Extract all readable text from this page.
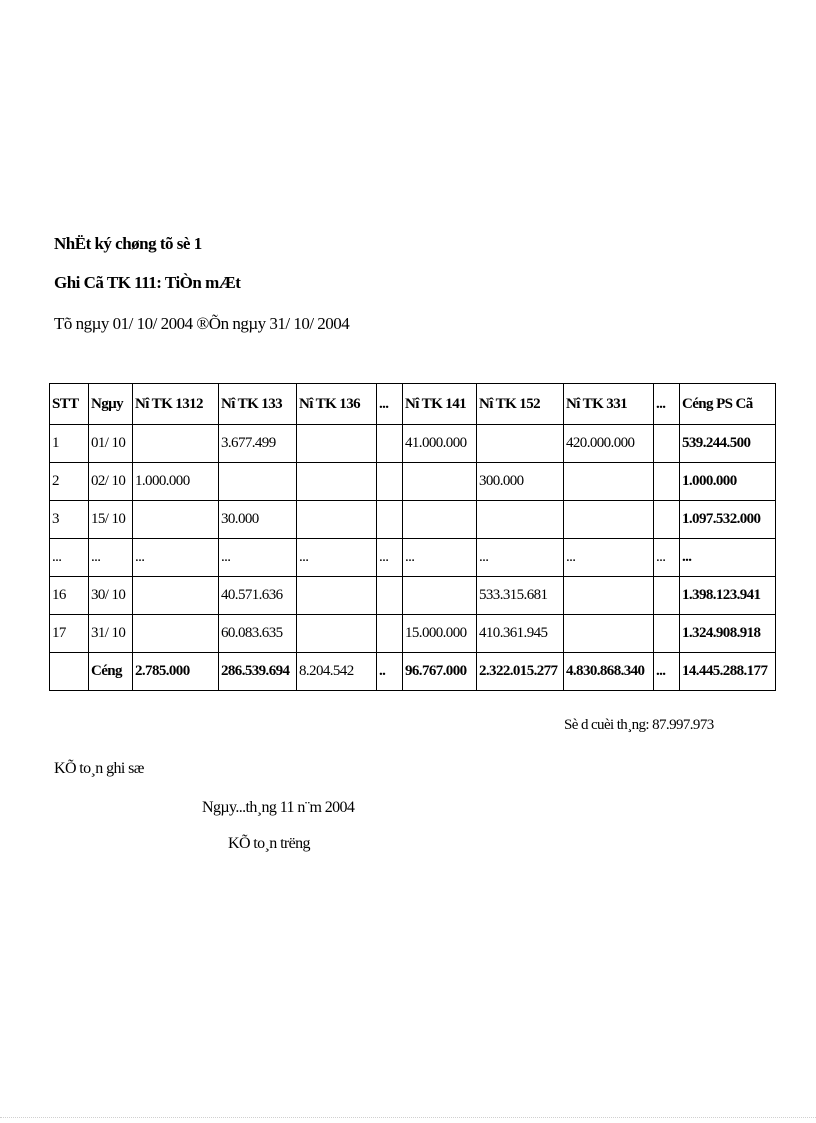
NhËt ký chøng tõ sè 1
Ghi Cã TK 111: TiÒn mÆt
Tõ ngµy 01/ 10/ 2004 ®Õn ngµy 31/ 10/ 2004
STT	Ngµy	Nî TK 1312	Nî TK 133	Nî TK 136	...	Nî TK 141	Nî TK 152	Nî TK 331	...	Céng PS Cã
1	01/ 10		3.677.499			41.000.000		420.000.000		539.244.500
2	02/ 10	1.000.000					300.000			1.000.000
3	15/ 10		30.000							1.097.532.000
...	...	...	...	...	...	...	...	...	...	...
16	30/ 10		40.571.636				533.315.681			1.398.123.941
17	31/ 10		60.083.635			15.000.000	410.361.945			1.324.908.918
	Céng	2.785.000	286.539.694	8.204.542	..	96.767.000	2.322.015.277	4.830.868.340	...	14.445.288.177
Sè d cuèi th¸ng: 87.997.973
KÕ to¸n ghi sæ
Ngµy...th¸ng 11 n¨m 2004
KÕ to¸n trëng
